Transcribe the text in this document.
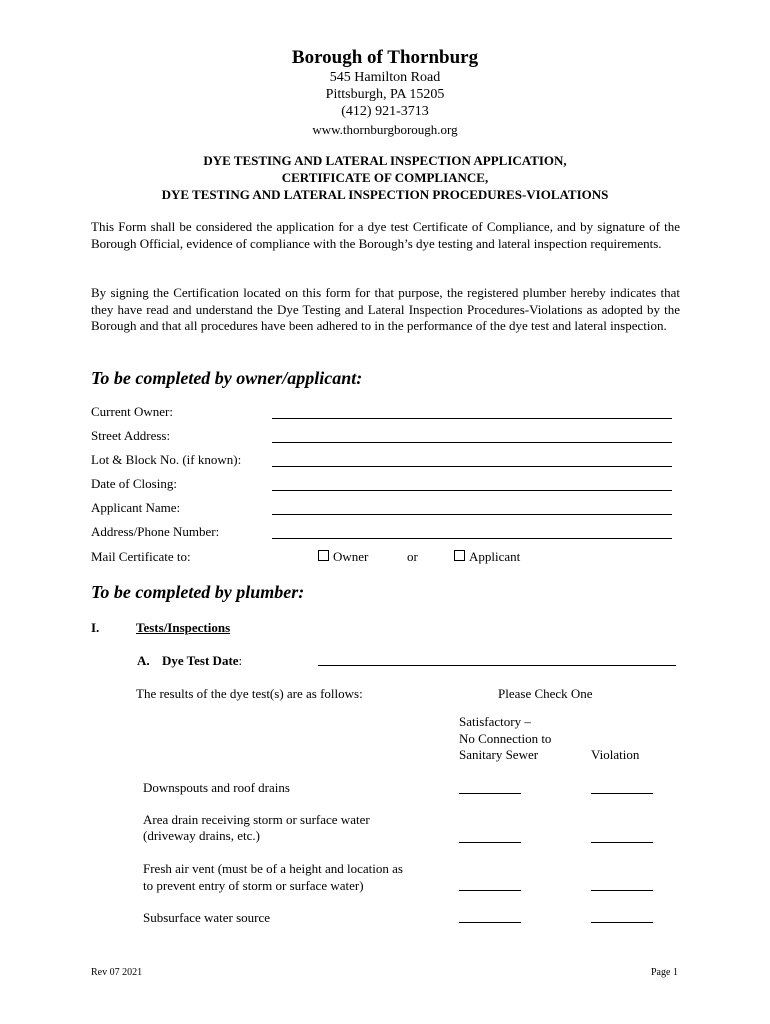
Borough of Thornburg
545 Hamilton Road
Pittsburgh, PA 15205
(412) 921-3713
www.thornburgborough.org
DYE TESTING AND LATERAL INSPECTION APPLICATION,
CERTIFICATE OF COMPLIANCE,
DYE TESTING AND LATERAL INSPECTION PROCEDURES-VIOLATIONS
This Form shall be considered the application for a dye test Certificate of Compliance, and by signature of the Borough Official, evidence of compliance with the Borough’s dye testing and lateral inspection requirements.
By signing the Certification located on this form for that purpose, the registered plumber hereby indicates that they have read and understand the Dye Testing and Lateral Inspection Procedures-Violations as adopted by the Borough and that all procedures have been adhered to in the performance of the dye test and lateral inspection.
To be completed by owner/applicant:
Current Owner:
Street Address:
Lot & Block No. (if known):
Date of Closing:
Applicant Name:
Address/Phone Number:
Mail Certificate to:	Owner	or	Applicant
To be completed by plumber:
I.	Tests/Inspections
A. Dye Test Date:
The results of the dye test(s) are as follows:	Please Check One
Satisfactory –
No Connection to
Sanitary Sewer	Violation
Downspouts and roof drains
Area drain receiving storm or surface water
(driveway drains, etc.)
Fresh air vent (must be of a height and location as
to prevent entry of storm or surface water)
Subsurface water source
Rev 07 2021	Page 1
